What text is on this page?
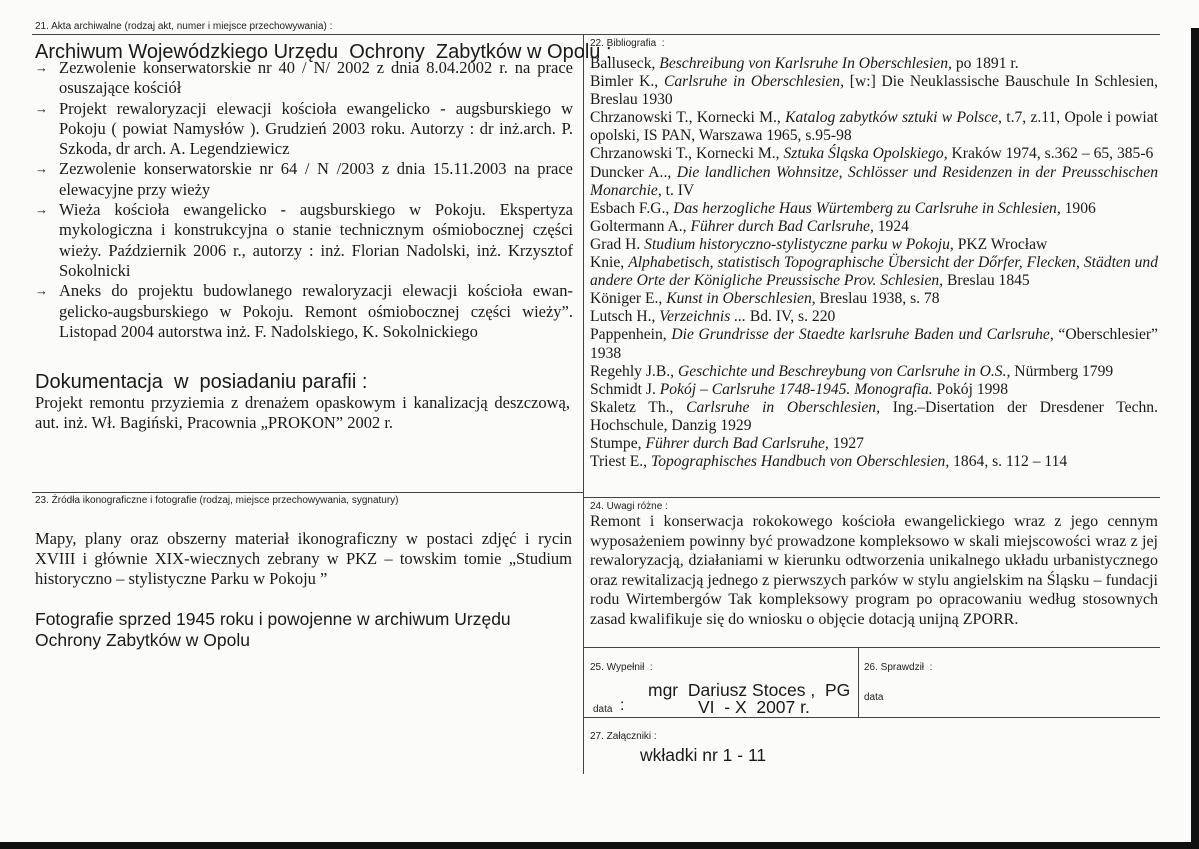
21. Akta archiwalne (rodzaj akt, numer i miejsce przechowywania) :
Archiwum Wojewódzkiego Urzędu  Ochrony  Zabytków w Opolu :
→ Zezwolenie konserwatorskie nr 40 / N/ 2002 z dnia 8.04.2002 r. na prace osuszające kościół
→ Projekt rewaloryzacji elewacji kościoła ewangelicko - augsburskiego w Pokoju ( powiat Namysłów ). Grudzień 2003 roku. Autorzy : dr inż.arch. P. Szkoda, dr arch. A. Legendziewicz
→ Zezwolenie konserwatorskie nr 64 / N /2003 z dnia 15.11.2003 na prace elewacyjne przy wieży
→ Wieża kościoła ewangelicko - augsburskiego w Pokoju. Ekspertyza mykologiczna i konstrukcyjna o stanie technicznym ośmiobocznej części wieży. Październik 2006 r., autorzy : inż. Florian Nadolski, inż. Krzysztof Sokolnicki
→ Aneks do projektu budowlanego rewaloryzacji elewacji kościoła ewan-gelicko-augsburskiego w Pokoju. Remont ośmiobocznej części wieży”. Listopad 2004 autorstwa inż. F. Nadolskiego, K. Sokolnickiego
Dokumentacja  w  posiadaniu parafii :
Projekt remontu przyziemia z drenażem opaskowym i kanalizacją deszczową, aut. inż. Wł. Bagiński, Pracownia „PROKON” 2002 r.
22. Bibliografia  :
Balluseck, Beschreibung von Karlsruhe In Oberschlesien, po 1891 r.
Bimler K., Carlsruhe in Oberschlesien, [w:] Die Neuklassische Bauschule In Schlesien, Breslau 1930
Chrzanowski T., Kornecki M., Katalog zabytków sztuki w Polsce, t.7, z.11, Opole i powiat opolski, IS PAN, Warszawa 1965, s.95-98
Chrzanowski T., Kornecki M., Sztuka Śląska Opolskiego, Kraków 1974, s.362 – 65, 385-6
Duncker A.., Die landlichen Wohnsitze, Schlösser und Residenzen in der Preusschischen Monarchie, t. IV
Esbach F.G., Das herzogliche Haus Würtemberg zu Carlsruhe in Schlesien, 1906
Goltermann A., Führer durch Bad Carlsruhe, 1924
Grad H. Studium historyczno-stylistyczne parku w Pokoju, PKZ Wrocław
Knie, Alphabetisch, statistisch Topographische Übersicht der Dőrfer, Flecken, Städten und andere Orte der Königliche Preussische Prov. Schlesien, Breslau 1845
Königer E., Kunst in Oberschlesien, Breslau 1938, s. 78
Lutsch H., Verzeichnis ... Bd. IV, s. 220
Pappenhein, Die Grundrisse der Staedte karlsruhe Baden und Carlsruhe, “Oberschlesier” 1938
Regehly J.B., Geschichte und Beschreybung von Carlsruhe in O.S., Nürmberg 1799
Schmidt J. Pokój – Carlsruhe 1748-1945. Monografia. Pokój 1998
Skaletz Th., Carlsruhe in Oberschlesien, Ing.–Disertation der Dresdener Techn. Hochschule, Danzig 1929
Stumpe, Führer durch Bad Carlsruhe, 1927
Triest E., Topographisches Handbuch von Oberschlesien, 1864, s. 112 – 114
23. Źródła ikonograficzne i fotografie (rodzaj, miejsce przechowywania, sygnatury)
Mapy, plany oraz obszerny materiał ikonograficzny w postaci zdjęć i rycin XVIII i głównie XIX-wiecznych zebrany w PKZ – towskim tomie „Studium historyczno – stylistyczne Parku w Pokoju ”
Fotografie sprzed 1945 roku i powojenne w archiwum Urzędu Ochrony Zabytków w Opolu
24. Uwagi różne :
Remont i konserwacja rokokowego kościoła ewangelickiego wraz z jego cennym wyposażeniem powinny być prowadzone kompleksowo w skali miejscowości wraz z jej rewaloryzacją, działaniami w kierunku odtworzenia unikalnego układu urbanistycznego oraz rewitalizacją jednego z pierwszych parków w stylu angielskim na Śląsku – fundacji rodu Wirtembergów Tak kompleksowy program po opracowaniu według stosownych zasad kwalifikuje się do wniosku o objęcie dotacją unijną ZPORR.
25. Wypełnił  :
mgr  Dariusz Stoces ,  PG
data :	VI  - X  2007 r.
26. Sprawdził  :
data
27. Załączniki :
wkładki nr 1 - 11
